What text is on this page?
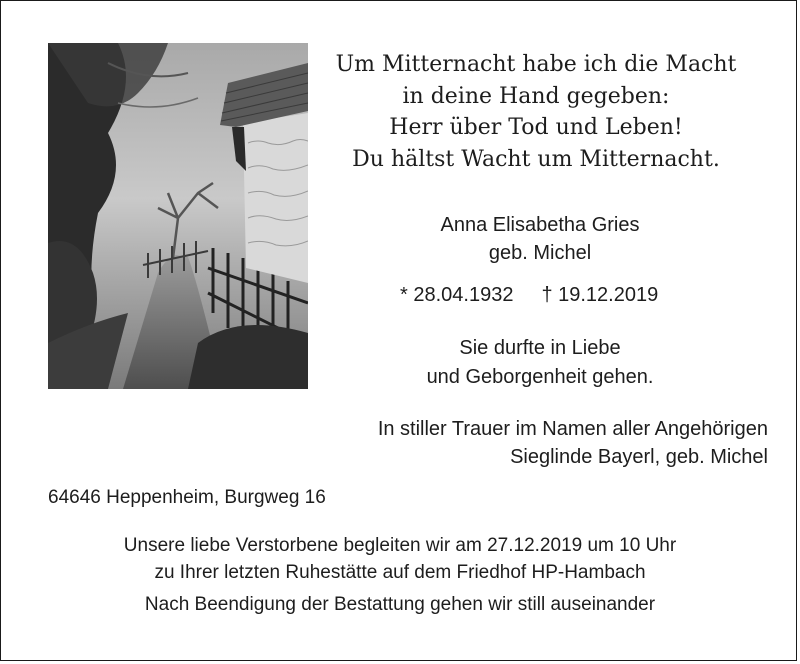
Um Mitternacht habe ich die Macht
in deine Hand gegeben:
Herr über Tod und Leben!
Du hältst Wacht um Mitternacht.
Anna Elisabetha Gries
geb. Michel
* 28.04.1932 † 19.12.2019
Sie durfte in Liebe
und Geborgenheit gehen.
In stiller Trauer im Namen aller Angehörigen
Sieglinde Bayerl, geb. Michel
64646 Heppenheim, Burgweg 16
Unsere liebe Verstorbene begleiten wir am 27.12.2019 um 10 Uhr
zu Ihrer letzten Ruhestätte auf dem Friedhof HP-Hambach
Nach Beendigung der Bestattung gehen wir still auseinander
